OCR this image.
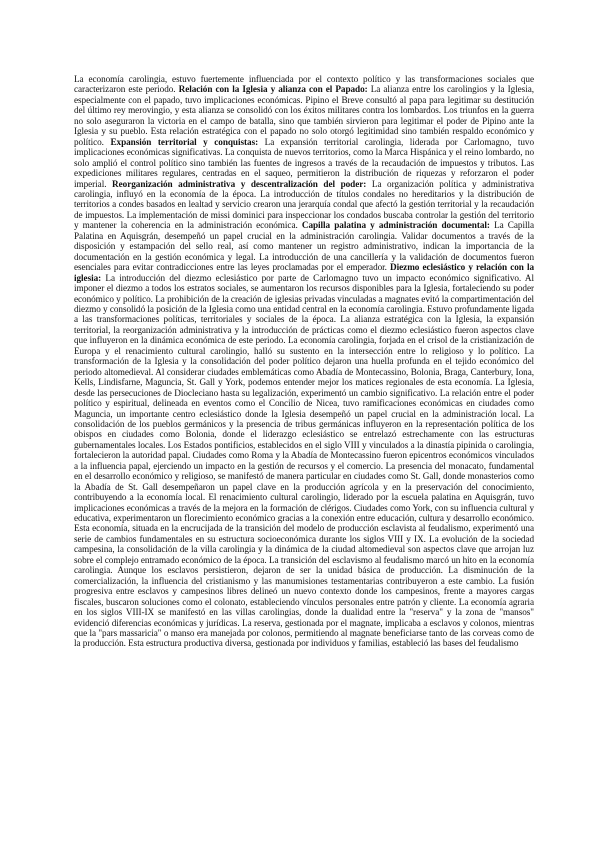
La economía carolingia, estuvo fuertemente influenciada por el contexto político y las transformaciones sociales que caracterizaron este periodo. Relación con la Iglesia y alianza con el Papado: La alianza entre los carolingios y la Iglesia, especialmente con el papado, tuvo implicaciones económicas. Pipino el Breve consultó al papa para legitimar su destitución del último rey merovingio, y esta alianza se consolidó con los éxitos militares contra los lombardos. Los triunfos en la guerra no solo aseguraron la victoria en el campo de batalla, sino que también sirvieron para legitimar el poder de Pipino ante la Iglesia y su pueblo. Esta relación estratégica con el papado no solo otorgó legitimidad sino también respaldo económico y político. Expansión territorial y conquistas: La expansión territorial carolingia, liderada por Carlomagno, tuvo implicaciones económicas significativas. La conquista de nuevos territorios, como la Marca Hispánica y el reino lombardo, no solo amplió el control político sino también las fuentes de ingresos a través de la recaudación de impuestos y tributos. Las expediciones militares regulares, centradas en el saqueo, permitieron la distribución de riquezas y reforzaron el poder imperial. Reorganización administrativa y descentralización del poder: La organización política y administrativa carolingia, influyó en la economía de la época. La introducción de títulos condales no hereditarios y la distribución de territorios a condes basados en lealtad y servicio crearon una jerarquía condal que afectó la gestión territorial y la recaudación de impuestos. La implementación de missi dominici para inspeccionar los condados buscaba controlar la gestión del territorio y mantener la coherencia en la administración económica. Capilla palatina y administración documental: La Capilla Palatina en Aquisgrán, desempeñó un papel crucial en la administración carolingia. Validar documentos a través de la disposición y estampación del sello real, así como mantener un registro administrativo, indican la importancia de la documentación en la gestión económica y legal. La introducción de una cancillería y la validación de documentos fueron esenciales para evitar contradicciones entre las leyes proclamadas por el emperador. Diezmo eclesiástico y relación con la iglesia: La introducción del diezmo eclesiástico por parte de Carlomagno tuvo un impacto económico significativo. Al imponer el diezmo a todos los estratos sociales, se aumentaron los recursos disponibles para la Iglesia, fortaleciendo su poder económico y político. La prohibición de la creación de iglesias privadas vinculadas a magnates evitó la compartimentación del diezmo y consolidó la posición de la Iglesia como una entidad central en la economía carolingia. Estuvo profundamente ligada a las transformaciones políticas, territoriales y sociales de la época. La alianza estratégica con la Iglesia, la expansión territorial, la reorganización administrativa y la introducción de prácticas como el diezmo eclesiástico fueron aspectos clave que influyeron en la dinámica económica de este periodo. La economía carolingia, forjada en el crisol de la cristianización de Europa y el renacimiento cultural carolingio, halló su sustento en la intersección entre lo religioso y lo político. La transformación de la Iglesia y la consolidación del poder político dejaron una huella profunda en el tejido económico del periodo altomedieval. Al considerar ciudades emblemáticas como Abadía de Montecassino, Bolonia, Braga, Canterbury, Iona, Kells, Lindisfarne, Maguncia, St. Gall y York, podemos entender mejor los matices regionales de esta economía. La Iglesia, desde las persecuciones de Diocleciano hasta su legalización, experimentó un cambio significativo. La relación entre el poder político y espiritual, delineada en eventos como el Concilio de Nicea, tuvo ramificaciones económicas en ciudades como Maguncia, un importante centro eclesiástico donde la Iglesia desempeñó un papel crucial en la administración local. La consolidación de los pueblos germánicos y la presencia de tribus germánicas influyeron en la representación política de los obispos en ciudades como Bolonia, donde el liderazgo eclesiástico se entrelazó estrechamente con las estructuras gubernamentales locales. Los Estados pontificios, establecidos en el siglo VIII y vinculados a la dinastía pipinida o carolingia, fortalecieron la autoridad papal. Ciudades como Roma y la Abadía de Montecassino fueron epicentros económicos vinculados a la influencia papal, ejerciendo un impacto en la gestión de recursos y el comercio. La presencia del monacato, fundamental en el desarrollo económico y religioso, se manifestó de manera particular en ciudades como St. Gall, donde monasterios como la Abadía de St. Gall desempeñaron un papel clave en la producción agrícola y en la preservación del conocimiento, contribuyendo a la economía local. El renacimiento cultural carolingio, liderado por la escuela palatina en Aquisgrán, tuvo implicaciones económicas a través de la mejora en la formación de clérigos. Ciudades como York, con su influencia cultural y educativa, experimentaron un florecimiento económico gracias a la conexión entre educación, cultura y desarrollo económico. Esta economía, situada en la encrucijada de la transición del modelo de producción esclavista al feudalismo, experimentó una serie de cambios fundamentales en su estructura socioeconómica durante los siglos VIII y IX. La evolución de la sociedad campesina, la consolidación de la villa carolingia y la dinámica de la ciudad altomedieval son aspectos clave que arrojan luz sobre el complejo entramado económico de la época. La transición del esclavismo al feudalismo marcó un hito en la economía carolingia. Aunque los esclavos persistieron, dejaron de ser la unidad básica de producción. La disminución de la comercialización, la influencia del cristianismo y las manumisiones testamentarias contribuyeron a este cambio. La fusión progresiva entre esclavos y campesinos libres delineó un nuevo contexto donde los campesinos, frente a mayores cargas fiscales, buscaron soluciones como el colonato, estableciendo vínculos personales entre patrón y cliente. La economía agraria en los siglos VIII-IX se manifestó en las villas carolingias, donde la dualidad entre la "reserva" y la zona de "mansos" evidenció diferencias económicas y jurídicas. La reserva, gestionada por el magnate, implicaba a esclavos y colonos, mientras que la "pars massaricia" o manso era manejada por colonos, permitiendo al magnate beneficiarse tanto de las corveas como de la producción. Esta estructura productiva diversa, gestionada por individuos y familias, estableció las bases del feudalismo
